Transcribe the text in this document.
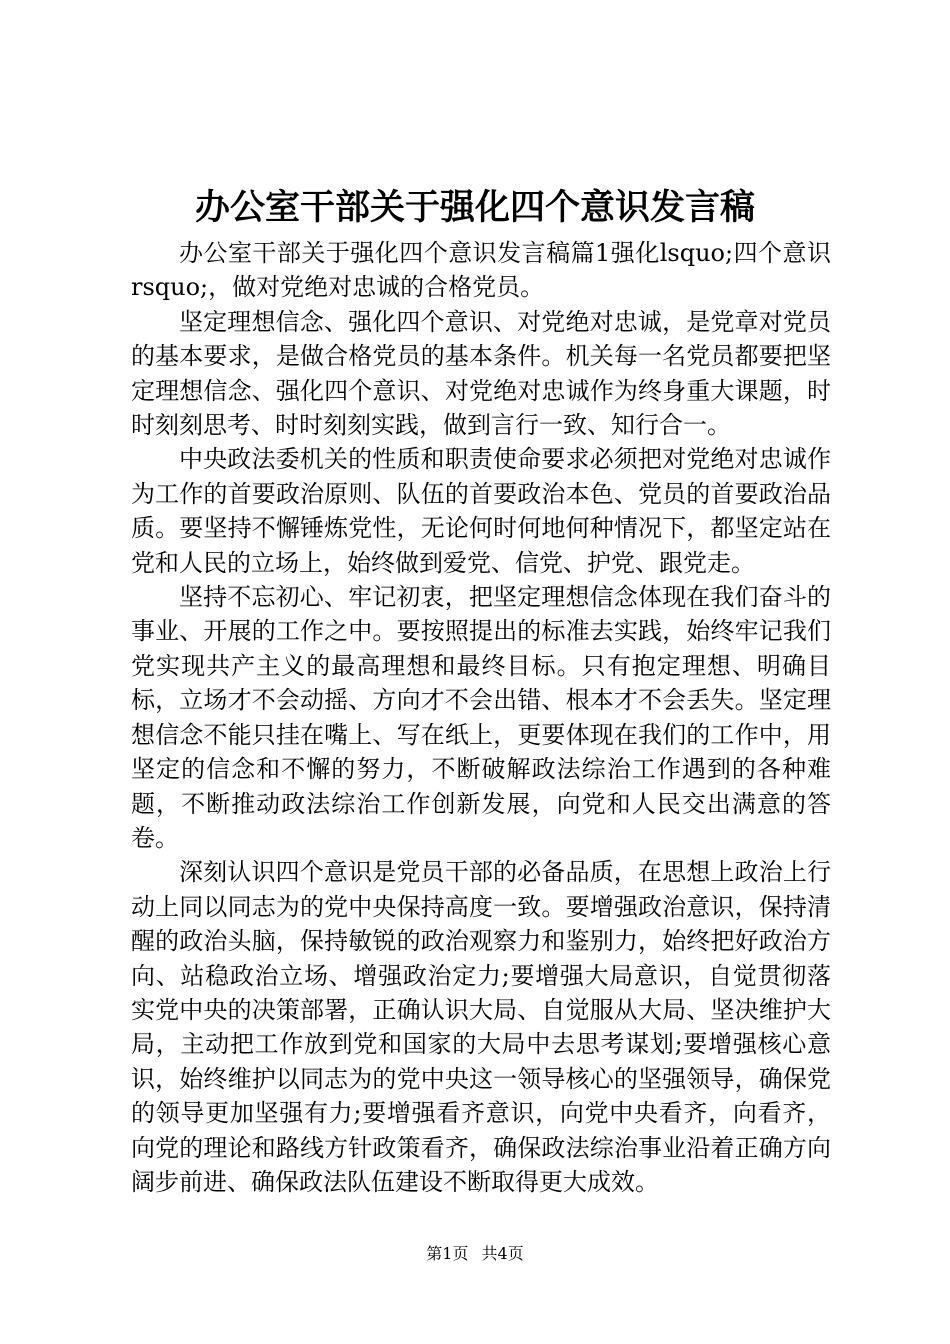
办公室干部关于强化四个意识发言稿

办公室干部关于强化四个意识发言稿篇1强化lsquo;四个意识rsquo;，做对党绝对忠诚的合格党员。

坚定理想信念、强化四个意识、对党绝对忠诚，是党章对党员的基本要求，是做合格党员的基本条件。机关每一名党员都要把坚定理想信念、强化四个意识、对党绝对忠诚作为终身重大课题，时时刻刻思考、时时刻刻实践，做到言行一致、知行合一。

中央政法委机关的性质和职责使命要求必须把对党绝对忠诚作为工作的首要政治原则、队伍的首要政治本色、党员的首要政治品质。要坚持不懈锤炼党性，无论何时何地何种情况下，都坚定站在党和人民的立场上，始终做到爱党、信党、护党、跟党走。

坚持不忘初心、牢记初衷，把坚定理想信念体现在我们奋斗的事业、开展的工作之中。要按照提出的标准去实践，始终牢记我们党实现共产主义的最高理想和最终目标。只有抱定理想、明确目标，立场才不会动摇、方向才不会出错、根本才不会丢失。坚定理想信念不能只挂在嘴上、写在纸上，更要体现在我们的工作中，用坚定的信念和不懈的努力，不断破解政法综治工作遇到的各种难题，不断推动政法综治工作创新发展，向党和人民交出满意的答卷。

深刻认识四个意识是党员干部的必备品质，在思想上政治上行动上同以同志为的党中央保持高度一致。要增强政治意识，保持清醒的政治头脑，保持敏锐的政治观察力和鉴别力，始终把好政治方向、站稳政治立场、增强政治定力;要增强大局意识，自觉贯彻落实党中央的决策部署，正确认识大局、自觉服从大局、坚决维护大局，主动把工作放到党和国家的大局中去思考谋划;要增强核心意识，始终维护以同志为的党中央这一领导核心的坚强领导，确保党的领导更加坚强有力;要增强看齐意识，向党中央看齐，向看齐，向党的理论和路线方针政策看齐，确保政法综治事业沿着正确方向阔步前进、确保政法队伍建设不断取得更大成效。

第1页 共4页
